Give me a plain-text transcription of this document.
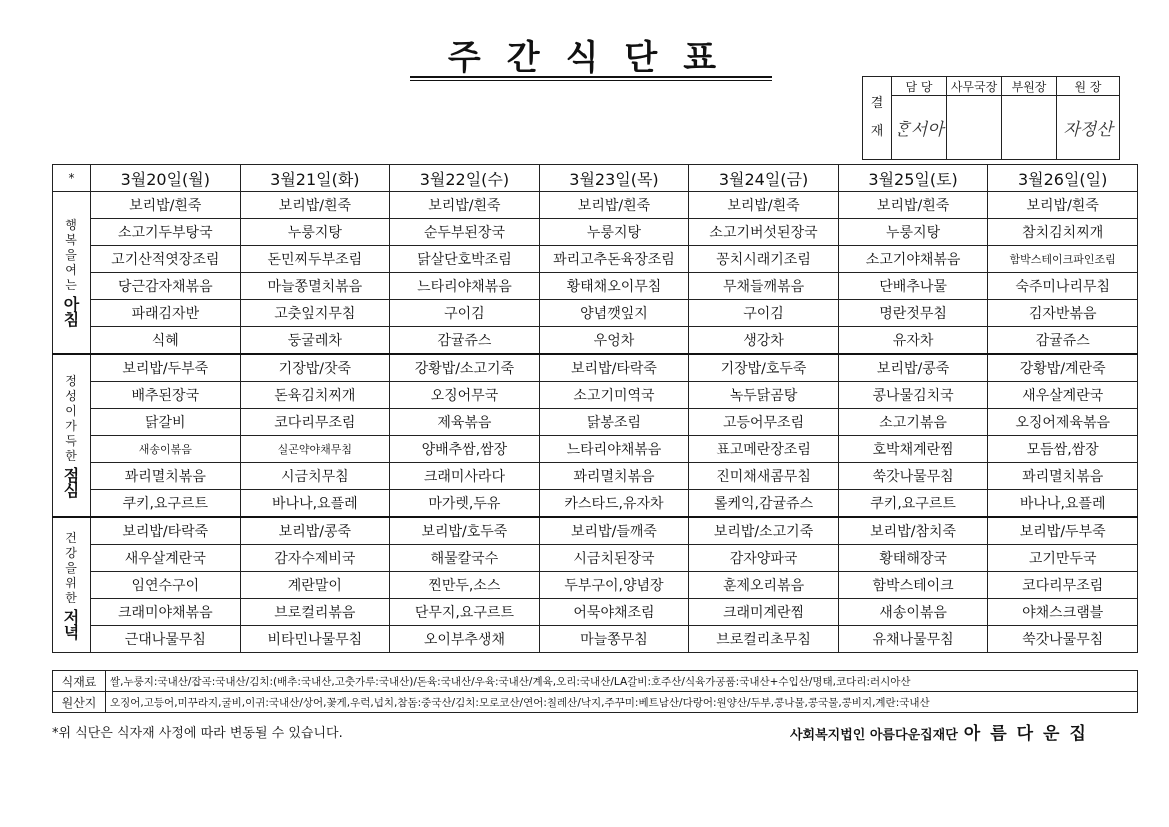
주간식단표
결재	담 당	사무국장	부원장	원 장
	ᄒᆞᆫ서아			자정산
*	3월20일(월)	3월21일(화)	3월22일(수)	3월23일(목)	3월24일(금)	3월25일(토)	3월26일(일)

행복을여는
아침	보리밥/흰죽	보리밥/흰죽	보리밥/흰죽	보리밥/흰죽	보리밥/흰죽	보리밥/흰죽	보리밥/흰죽
	소고기두부탕국	누룽지탕	순두부된장국	누룽지탕	소고기버섯된장국	누룽지탕	참치김치찌개
	고기산적엿장조림	돈민찌두부조림	닭살단호박조림	꽈리고추돈육장조림	꽁치시래기조림	소고기야채볶음	함박스테이크파인조림
	당근감자채볶음	마늘쫑멸치볶음	느타리야채볶음	황태채오이무침	무채들깨볶음	단배추나물	숙주미나리무침
	파래김자반	고춧잎지무침	구이김	양념깻잎지	구이김	명란젓무침	김자반볶음
	식혜	둥굴레차	감귤쥬스	우엉차	생강차	유자차	감귤쥬스

정성이가득한
점심	보리밥/두부죽	기장밥/잣죽	강황밥/소고기죽	보리밥/타락죽	기장밥/호두죽	보리밥/콩죽	강황밥/계란죽
	배추된장국	돈육김치찌개	오징어무국	소고기미역국	녹두닭곰탕	콩나물김치국	새우살계란국
	닭갈비	코다리무조림	제육볶음	닭봉조림	고등어무조림	소고기볶음	오징어제육볶음
	새송이볶음	실곤약야채무침	양배추쌈,쌈장	느타리야채볶음	표고메란장조림	호박채계란찜	모듬쌈,쌈장
	꽈리멸치볶음	시금치무침	크래미사라다	꽈리멸치볶음	진미채새콤무침	쑥갓나물무침	꽈리멸치볶음
	쿠키,요구르트	바나나,요플레	마가렛,두유	카스타드,유자차	롤케익,감귤쥬스	쿠키,요구르트	바나나,요플레

건강을위한
저녁	보리밥/타락죽	보리밥/콩죽	보리밥/호두죽	보리밥/들깨죽	보리밥/소고기죽	보리밥/참치죽	보리밥/두부죽
	새우살계란국	감자수제비국	해물칼국수	시금치된장국	감자양파국	황태해장국	고기만두국
	임연수구이	계란말이	찐만두,소스	두부구이,양념장	훈제오리볶음	함박스테이크	코다리무조림
	크래미야채볶음	브로컬리볶음	단무지,요구르트	어묵야채조림	크래미계란찜	새송이볶음	야채스크램블
	근대나물무침	비타민나물무침	오이부추생채	마늘쫑무침	브로컬리초무침	유채나물무침	쑥갓나물무침
식재료	쌀,누룽지:국내산/잡곡:국내산/김치:(배추:국내산,고춧가루:국내산)/돈육:국내산/우육:국내산/계육,오리:국내산/LA갈비:호주산/식육가공품:국내산+수입산/명태,코다리:러시아산
원산지	오징어,고등어,미꾸라지,굴비,이귀:국내산/상어,꽃게,우럭,넙치,참돔:중국산/김치:모로코산/연어:칠레산/낙지,주꾸미:베트남산/다랑어:원양산/두부,콩나물,콩국물,콩비지,계란:국내산
*위 식단은 식자재 사정에 따라 변동될 수 있습니다.	사회복지법인 아름다운집재단 아름다운집
